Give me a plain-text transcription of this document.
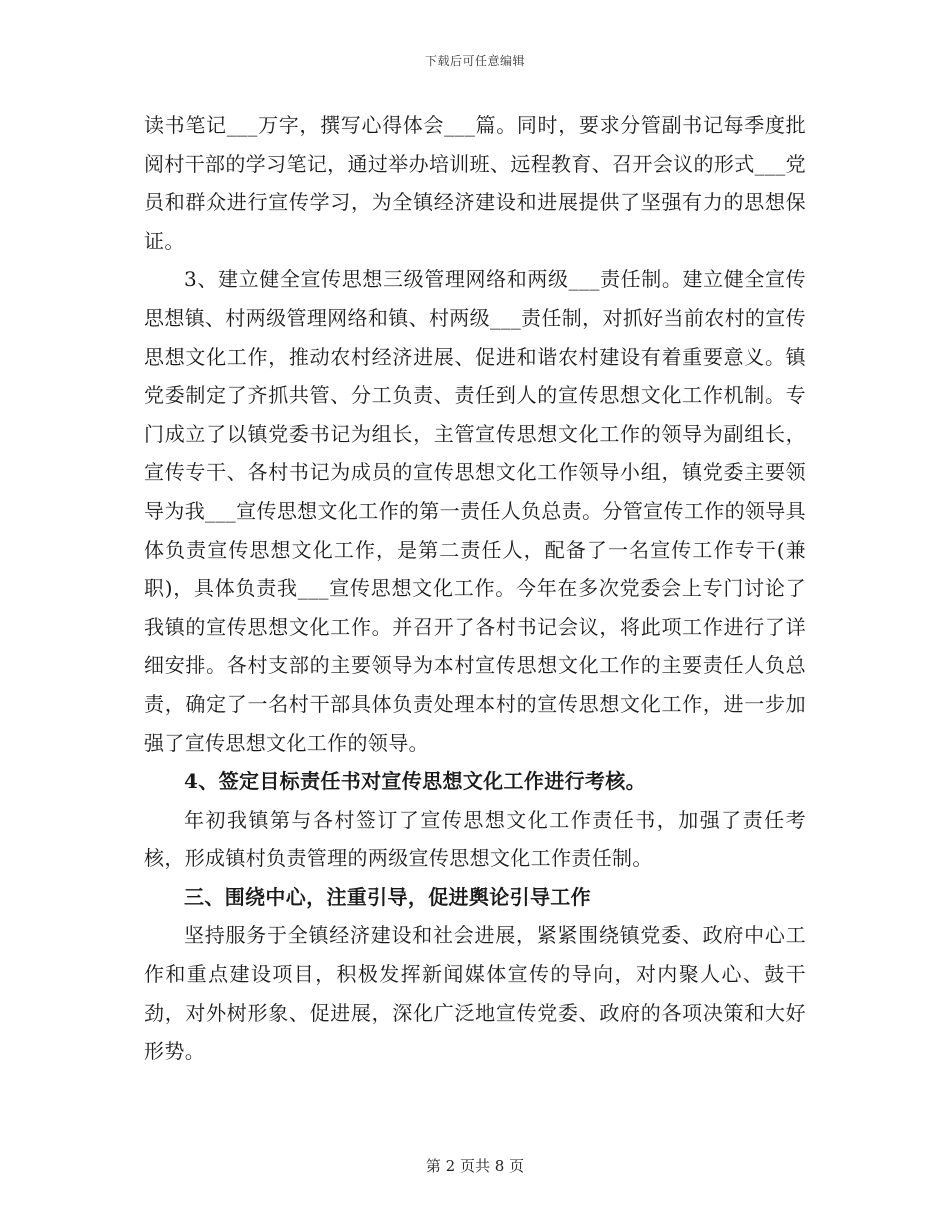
下载后可任意编辑

读书笔记___万字，撰写心得体会___篇。同时，要求分管副书记每季度批阅村干部的学习笔记，通过举办培训班、远程教育、召开会议的形式___党员和群众进行宣传学习，为全镇经济建设和进展提供了坚强有力的思想保证。

3、建立健全宣传思想三级管理网络和两级___责任制。建立健全宣传思想镇、村两级管理网络和镇、村两级___责任制，对抓好当前农村的宣传思想文化工作，推动农村经济进展、促进和谐农村建设有着重要意义。镇党委制定了齐抓共管、分工负责、责任到人的宣传思想文化工作机制。专门成立了以镇党委书记为组长，主管宣传思想文化工作的领导为副组长，宣传专干、各村书记为成员的宣传思想文化工作领导小组，镇党委主要领导为我___宣传思想文化工作的第一责任人负总责。分管宣传工作的领导具体负责宣传思想文化工作，是第二责任人，配备了一名宣传工作专干(兼职)，具体负责我___宣传思想文化工作。今年在多次党委会上专门讨论了我镇的宣传思想文化工作。并召开了各村书记会议，将此项工作进行了详细安排。各村支部的主要领导为本村宣传思想文化工作的主要责任人负总责，确定了一名村干部具体负责处理本村的宣传思想文化工作，进一步加强了宣传思想文化工作的领导。

4、签定目标责任书对宣传思想文化工作进行考核。

年初我镇第与各村签订了宣传思想文化工作责任书，加强了责任考核，形成镇村负责管理的两级宣传思想文化工作责任制。

三、围绕中心，注重引导，促进舆论引导工作

坚持服务于全镇经济建设和社会进展，紧紧围绕镇党委、政府中心工作和重点建设项目，积极发挥新闻媒体宣传的导向，对内聚人心、鼓干劲，对外树形象、促进展，深化广泛地宣传党委、政府的各项决策和大好形势。

第 2 页共 8 页
